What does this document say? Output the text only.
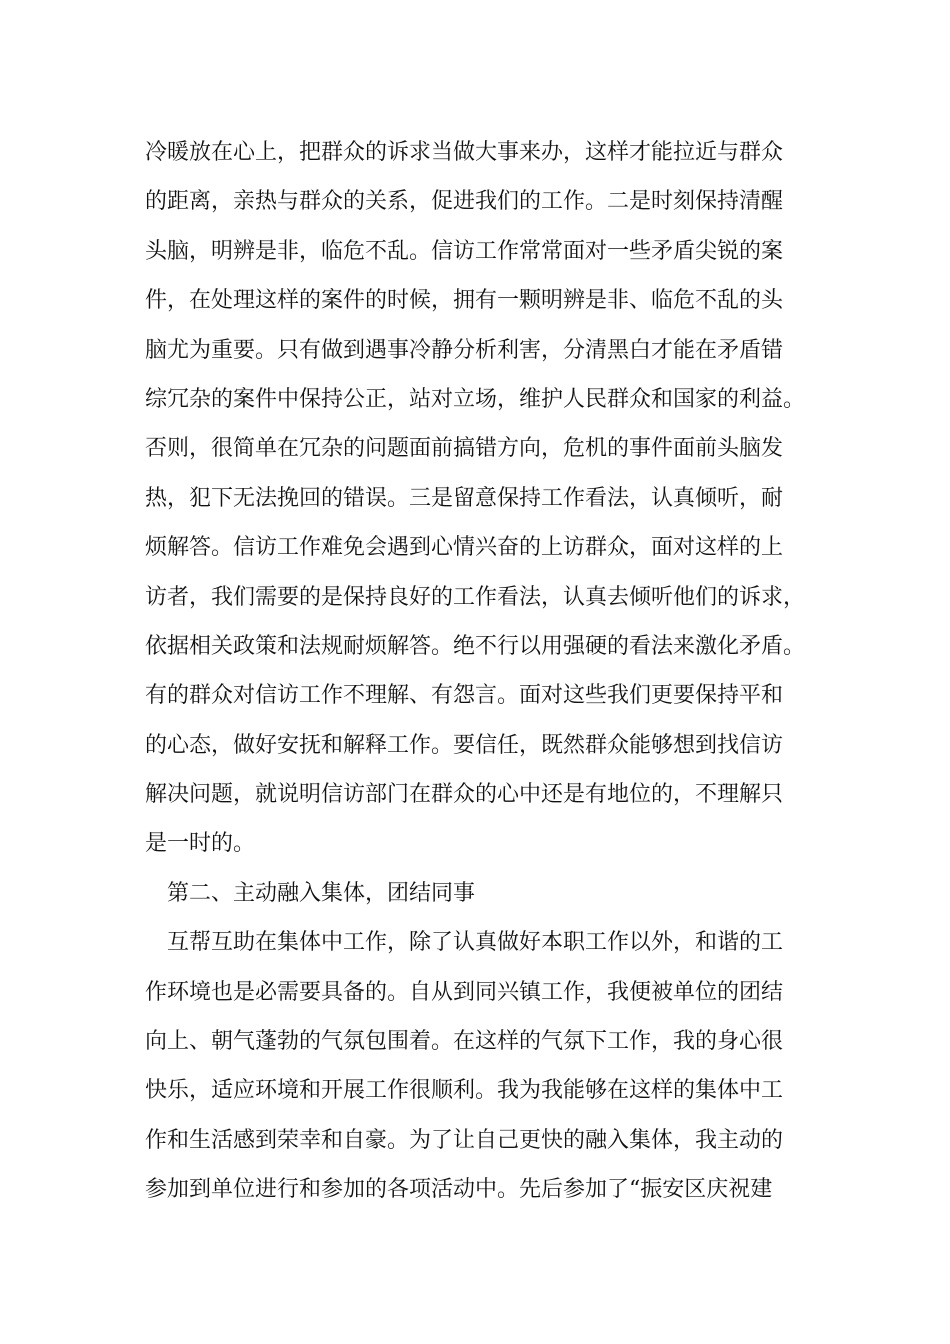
冷暖放在心上，把群众的诉求当做大事来办，这样才能拉近与群众
的距离，亲热与群众的关系，促进我们的工作。二是时刻保持清醒
头脑，明辨是非，临危不乱。信访工作常常面对一些矛盾尖锐的案
件，在处理这样的案件的时候，拥有一颗明辨是非、临危不乱的头
脑尤为重要。只有做到遇事冷静分析利害，分清黑白才能在矛盾错
综冗杂的案件中保持公正，站对立场，维护人民群众和国家的利益。
否则，很简单在冗杂的问题面前搞错方向，危机的事件面前头脑发
热，犯下无法挽回的错误。三是留意保持工作看法，认真倾听，耐
烦解答。信访工作难免会遇到心情兴奋的上访群众，面对这样的上
访者，我们需要的是保持良好的工作看法，认真去倾听他们的诉求，
依据相关政策和法规耐烦解答。绝不行以用强硬的看法来激化矛盾。
有的群众对信访工作不理解、有怨言。面对这些我们更要保持平和
的心态，做好安抚和解释工作。要信任，既然群众能够想到找信访
解决问题，就说明信访部门在群众的心中还是有地位的，不理解只
是一时的。
第二、主动融入集体，团结同事
互帮互助在集体中工作，除了认真做好本职工作以外，和谐的工
作环境也是必需要具备的。自从到同兴镇工作，我便被单位的团结
向上、朝气蓬勃的气氛包围着。在这样的气氛下工作，我的身心很
快乐，适应环境和开展工作很顺利。我为我能够在这样的集体中工
作和生活感到荣幸和自豪。为了让自己更快的融入集体，我主动的
参加到单位进行和参加的各项活动中。先后参加了“振安区庆祝建
